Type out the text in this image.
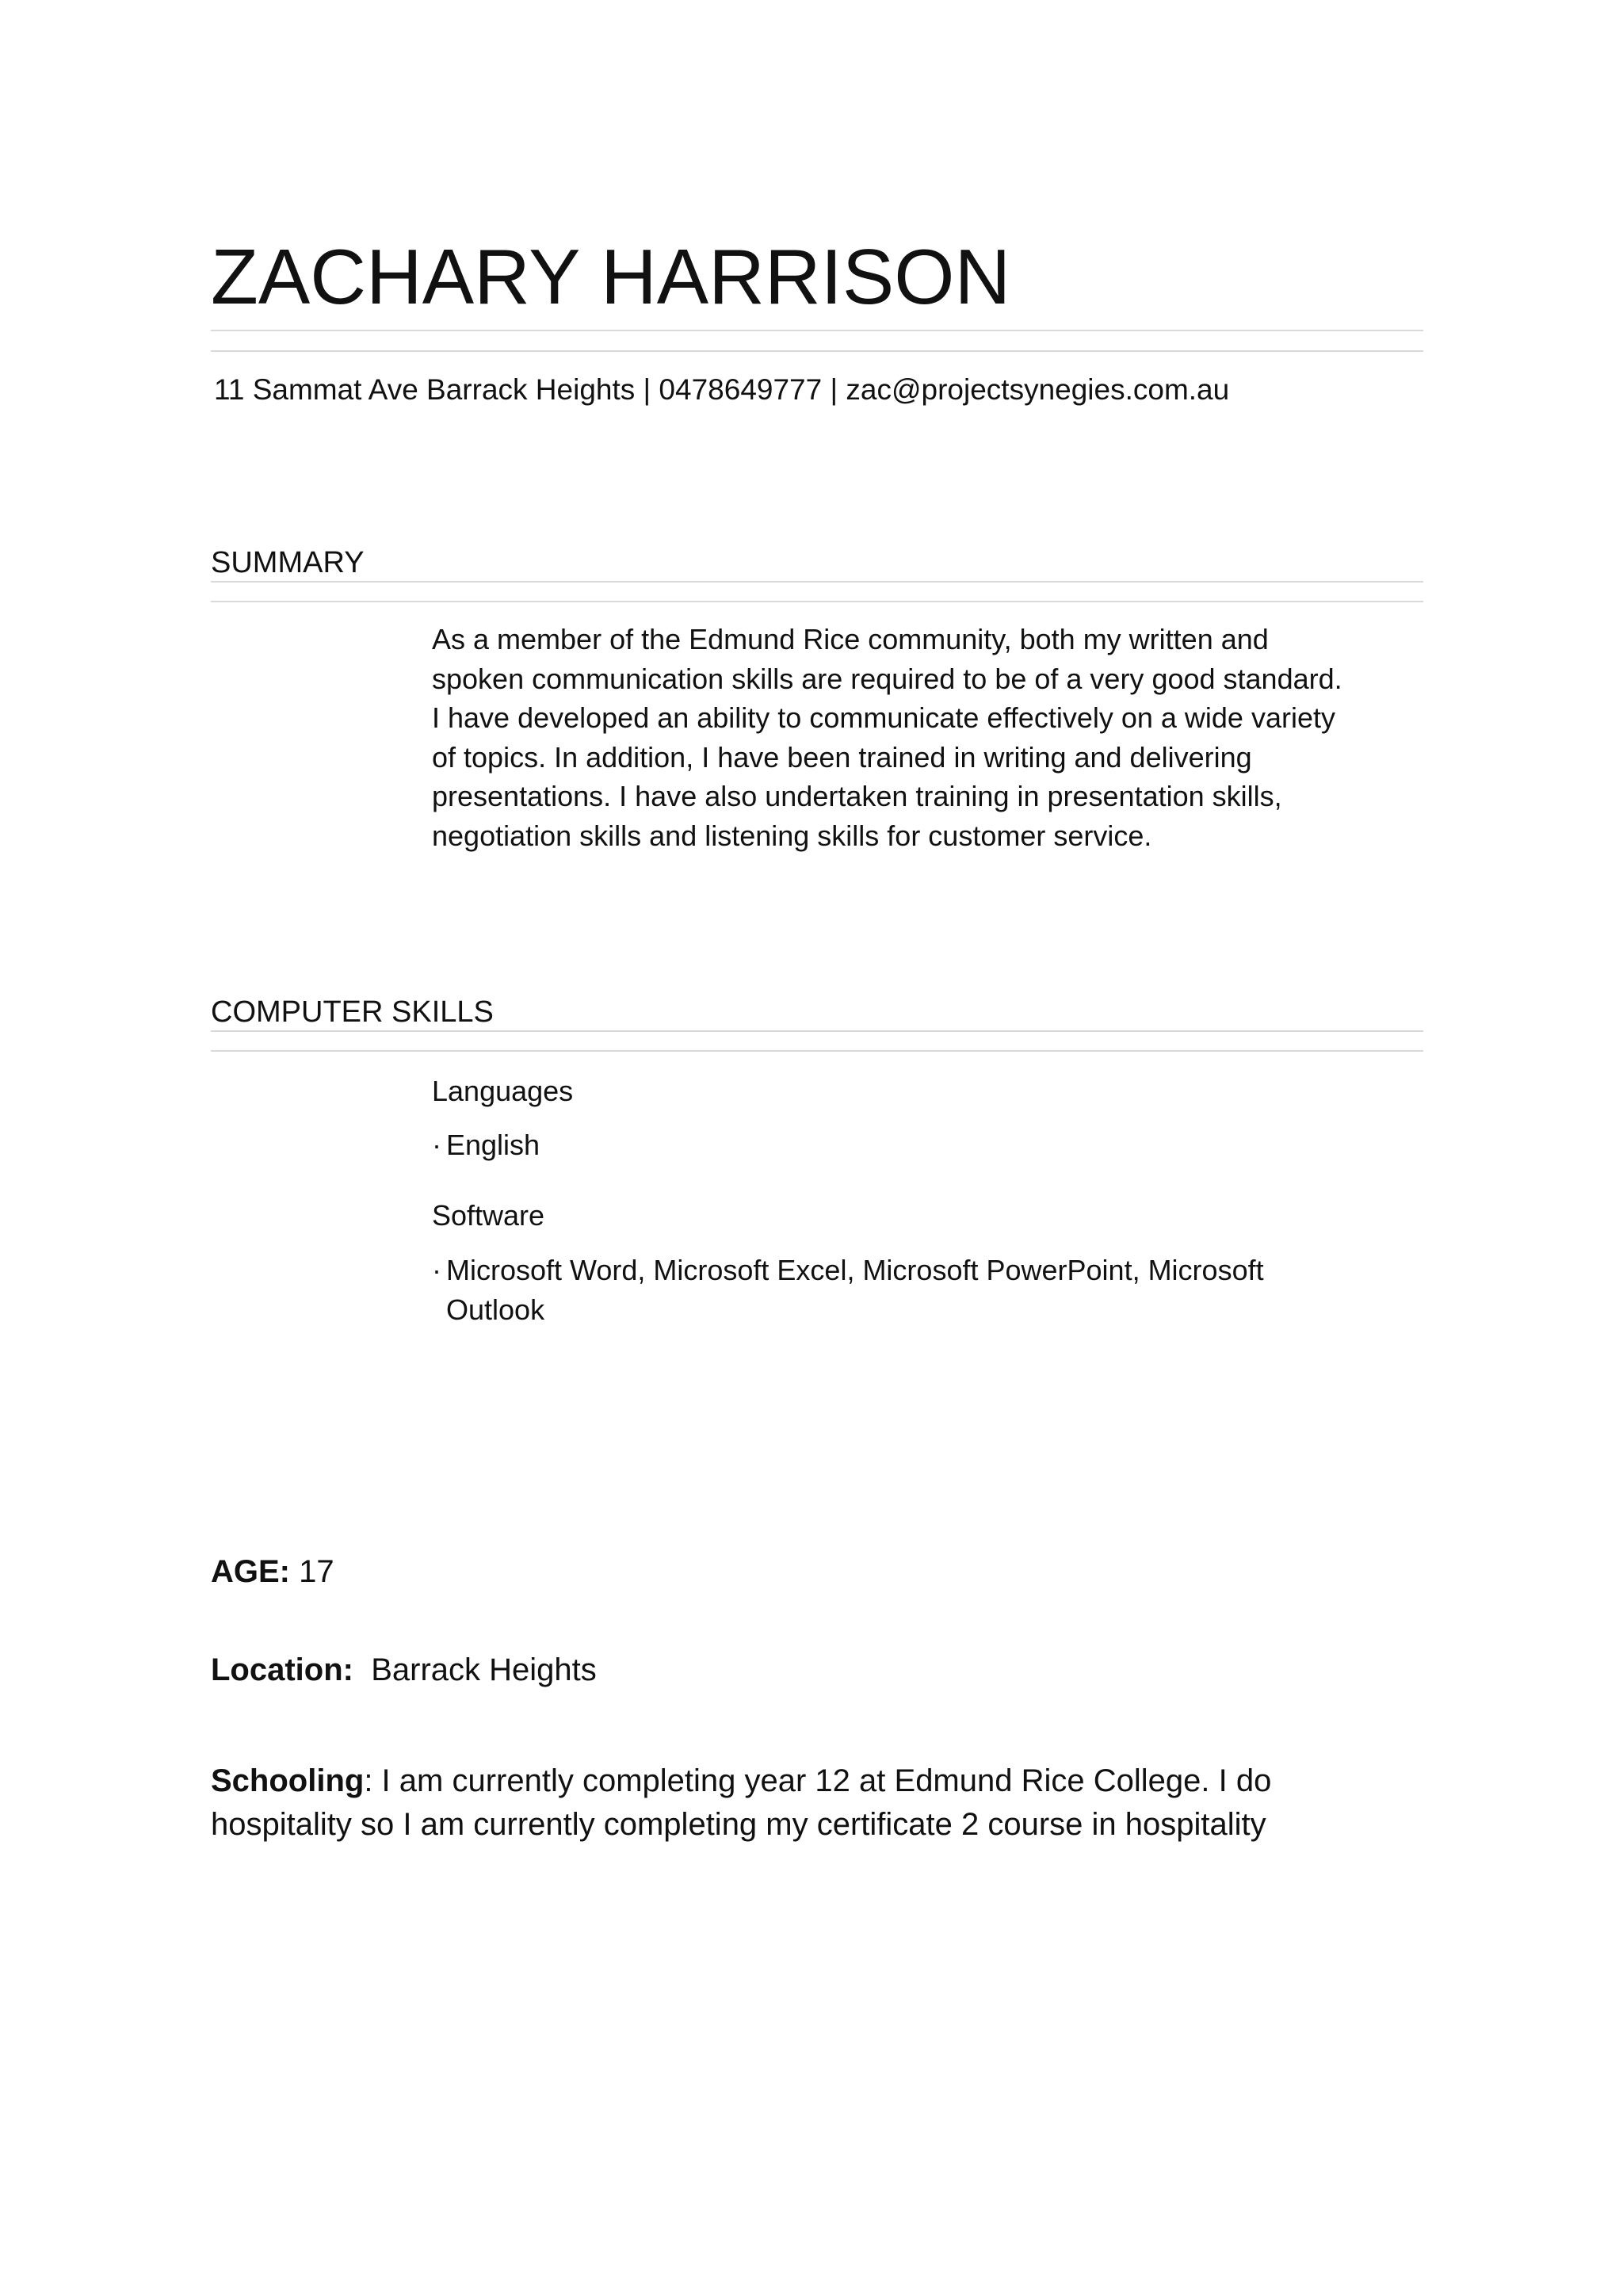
ZACHARY HARRISON
11 Sammat Ave Barrack Heights | 0478649777 | zac@projectsynegies.com.au
SUMMARY
As a member of the Edmund Rice community, both my written and spoken communication skills are required to be of a very good standard. I have developed an ability to communicate effectively on a wide variety of topics. In addition, I have been trained in writing and delivering presentations. I have also undertaken training in presentation skills, negotiation skills and listening skills for customer service.
COMPUTER SKILLS
Languages
· English
Software
· Microsoft Word, Microsoft Excel, Microsoft PowerPoint, Microsoft Outlook
AGE: 17
Location: Barrack Heights
Schooling: I am currently completing year 12 at Edmund Rice College. I do hospitality so I am currently completing my certificate 2 course in hospitality
